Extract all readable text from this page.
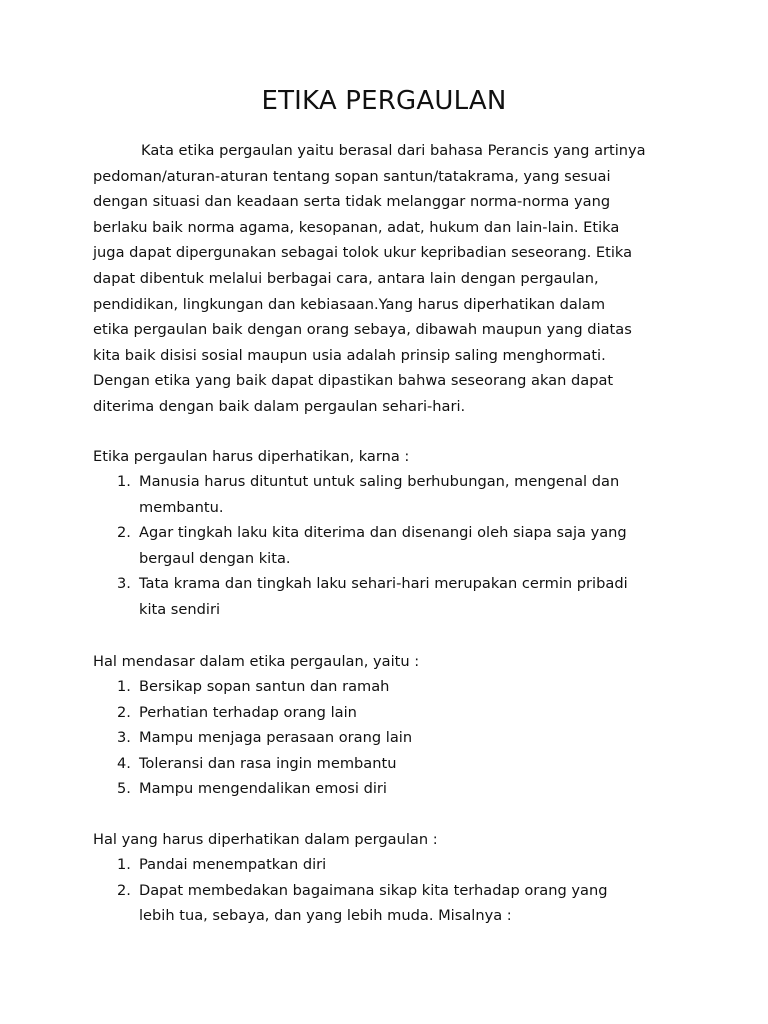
ETIKA PERGAULAN

Kata etika pergaulan yaitu berasal dari bahasa Perancis yang artinya
pedoman/aturan-aturan tentang sopan santun/tatakrama, yang sesuai
dengan situasi dan keadaan serta tidak melanggar norma-norma yang
berlaku baik norma agama, kesopanan, adat, hukum dan lain-lain. Etika
juga dapat dipergunakan sebagai tolok ukur kepribadian seseorang. Etika
dapat dibentuk melalui berbagai cara, antara lain dengan pergaulan,
pendidikan, lingkungan dan kebiasaan.Yang harus diperhatikan dalam
etika pergaulan baik dengan orang sebaya, dibawah maupun yang diatas
kita baik disisi sosial maupun usia adalah prinsip saling menghormati.
Dengan etika yang baik dapat dipastikan bahwa seseorang akan dapat
diterima dengan baik dalam pergaulan sehari-hari.

Etika pergaulan harus diperhatikan, karna :

1. Manusia harus dituntut untuk saling berhubungan, mengenal dan
membantu.
2. Agar tingkah laku kita diterima dan disenangi oleh siapa saja yang
bergaul dengan kita.
3. Tata krama dan tingkah laku sehari-hari merupakan cermin pribadi
kita sendiri

Hal mendasar dalam etika pergaulan, yaitu :

1. Bersikap sopan santun dan ramah
2. Perhatian terhadap orang lain
3. Mampu menjaga perasaan orang lain
4. Toleransi dan rasa ingin membantu
5. Mampu mengendalikan emosi diri

Hal yang harus diperhatikan dalam pergaulan :

1. Pandai menempatkan diri
2. Dapat membedakan bagaimana sikap kita terhadap orang yang
lebih tua, sebaya, dan yang lebih muda. Misalnya :
